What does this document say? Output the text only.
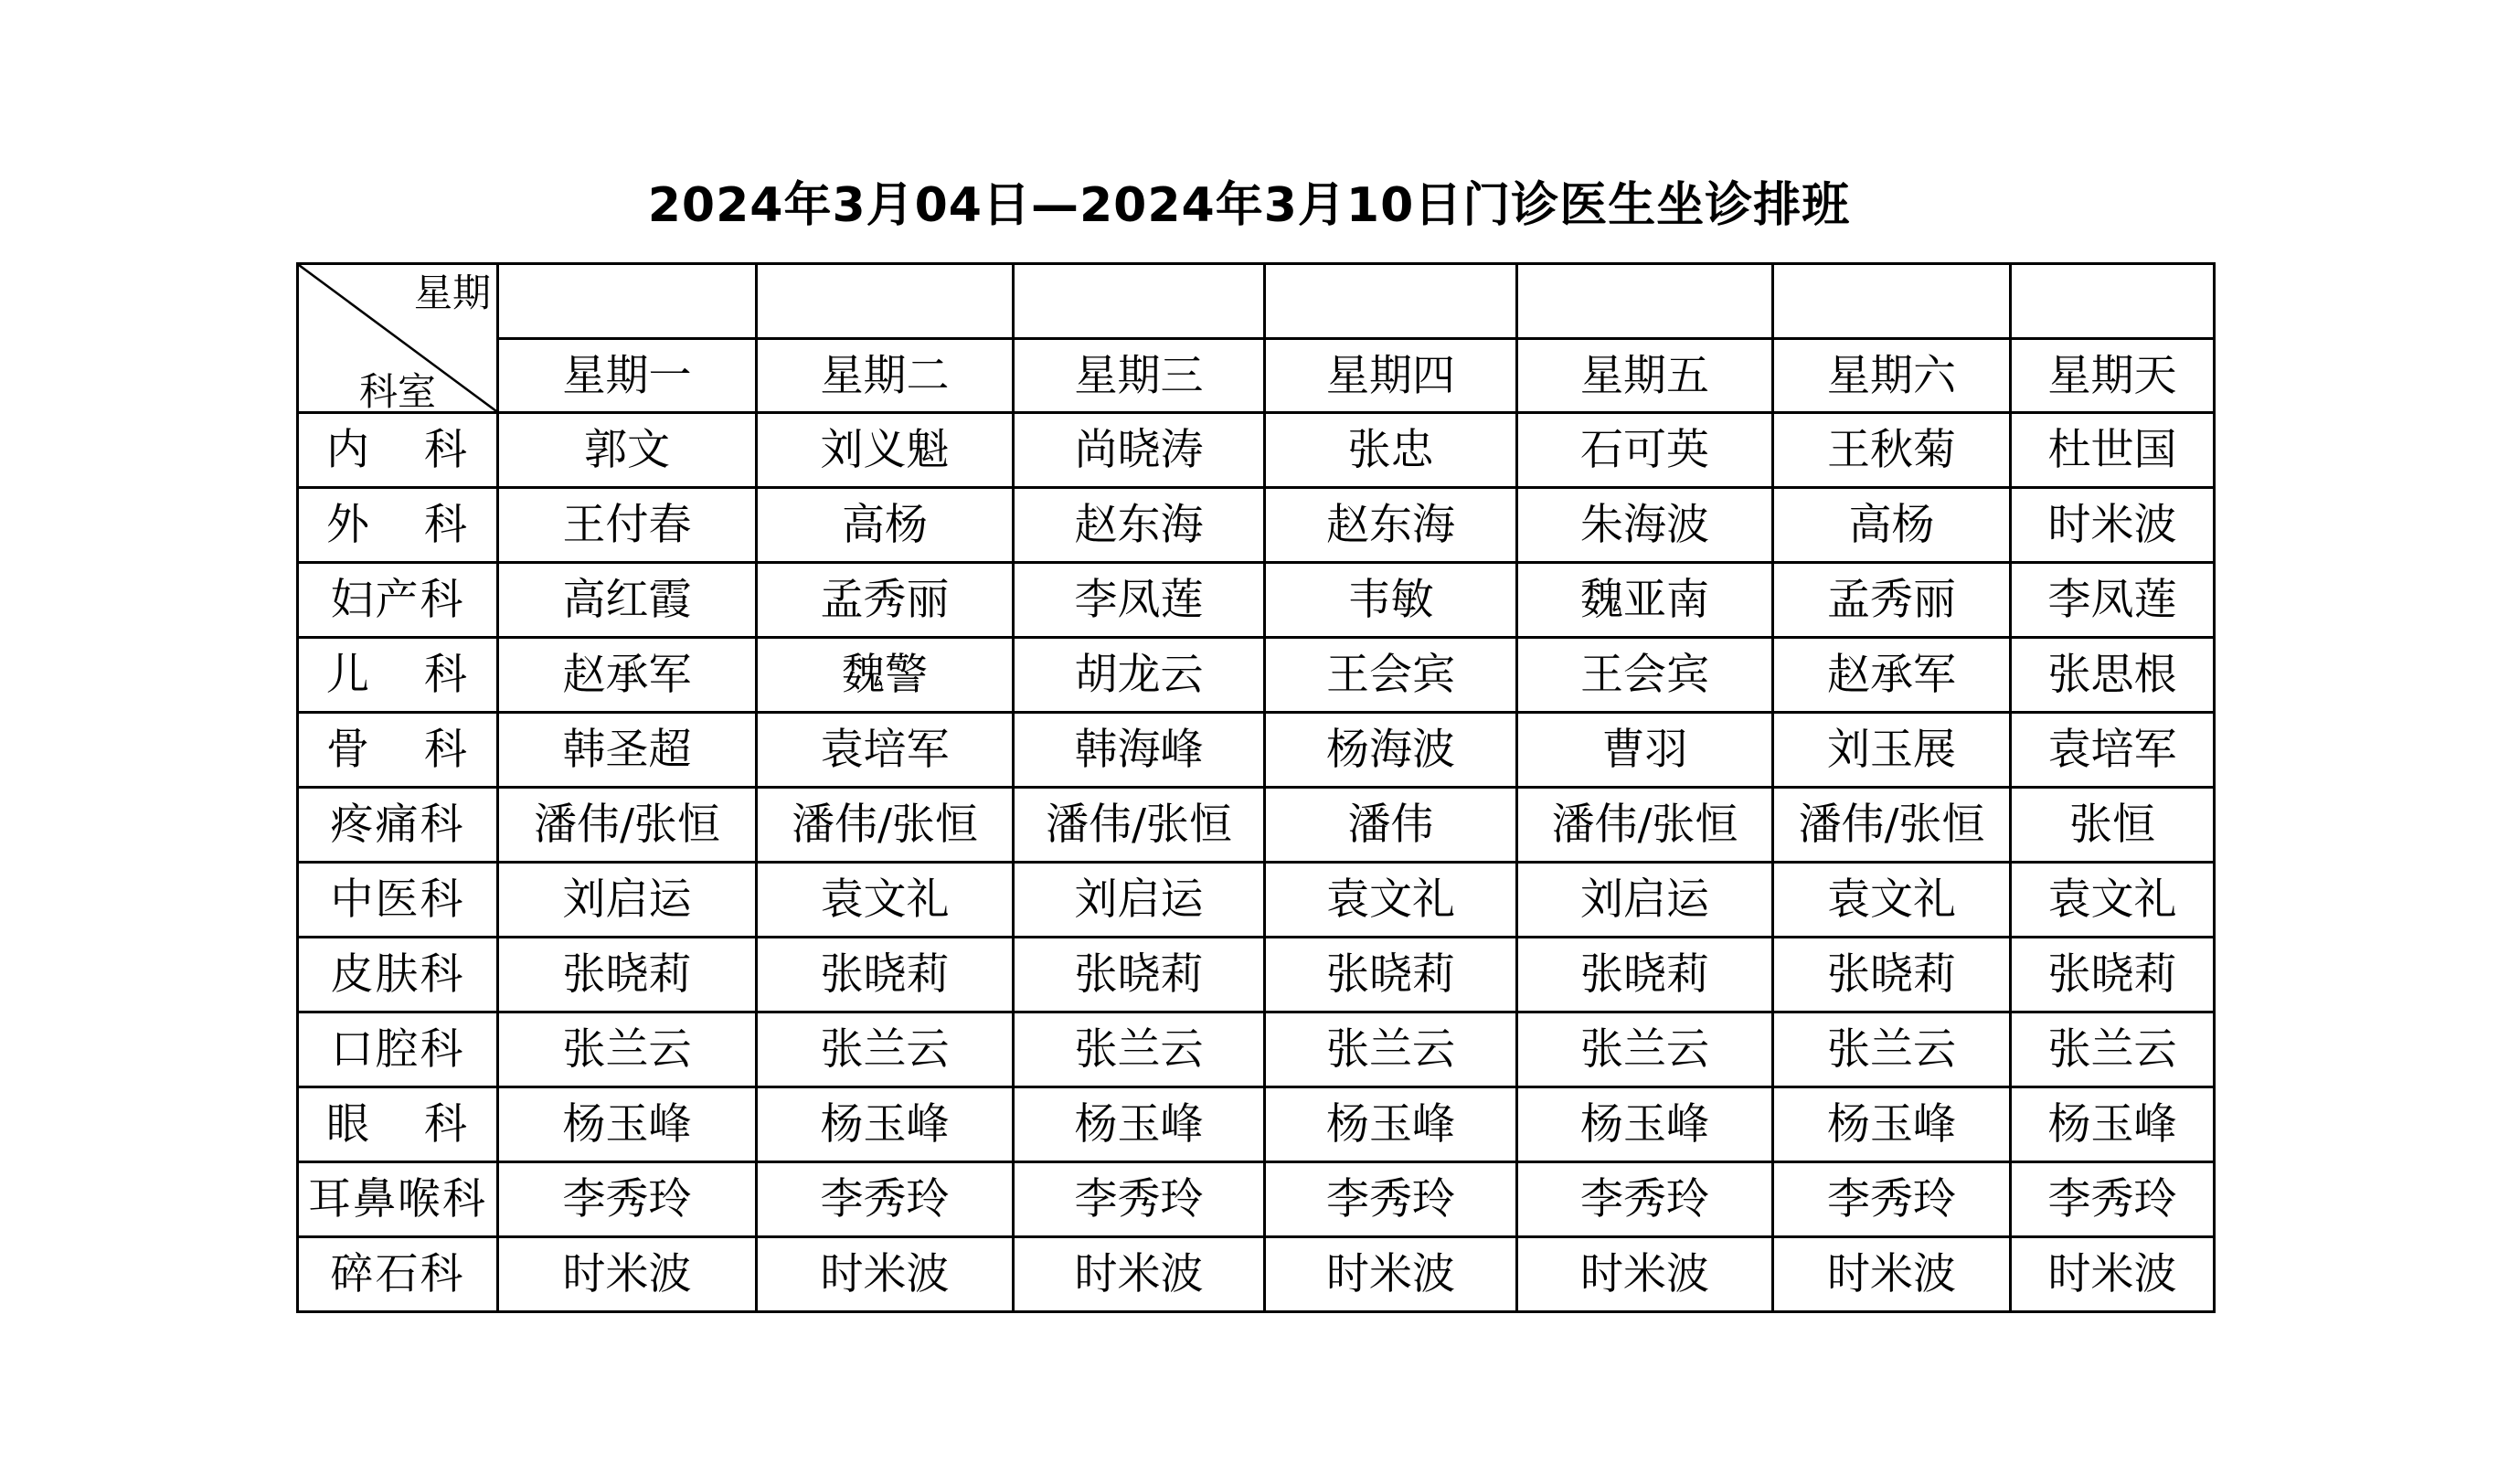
2024年3月04日—2024年3月10日门诊医生坐诊排班
星期
科室							

	星期一	星期二	星期三	星期四	星期五	星期六	星期天

内 科	郭文	刘义魁	尚晓涛	张忠	石可英	王秋菊	杜世国

外 科	王付春	高杨	赵东海	赵东海	朱海波	高杨	时米波
妇产科	高红霞	孟秀丽	李凤莲	韦敏	魏亚南	孟秀丽	李凤莲

儿 科	赵承军	魏警	胡龙云	王会宾	王会宾	赵承军	张思根

骨 科	韩圣超	袁培军	韩海峰	杨海波	曹羽	刘玉展	袁培军
疼痛科	潘伟/张恒	潘伟/张恒	潘伟/张恒	潘伟	潘伟/张恒	潘伟/张恒	张恒
中医科	刘启运	袁文礼	刘启运	袁文礼	刘启运	袁文礼	袁文礼
皮肤科	张晓莉	张晓莉	张晓莉	张晓莉	张晓莉	张晓莉	张晓莉
口腔科	张兰云	张兰云	张兰云	张兰云	张兰云	张兰云	张兰云

眼 科	杨玉峰	杨玉峰	杨玉峰	杨玉峰	杨玉峰	杨玉峰	杨玉峰

耳鼻喉科	李秀玲	李秀玲	李秀玲	李秀玲	李秀玲	李秀玲	李秀玲
碎石科	时米波	时米波	时米波	时米波	时米波	时米波	时米波
